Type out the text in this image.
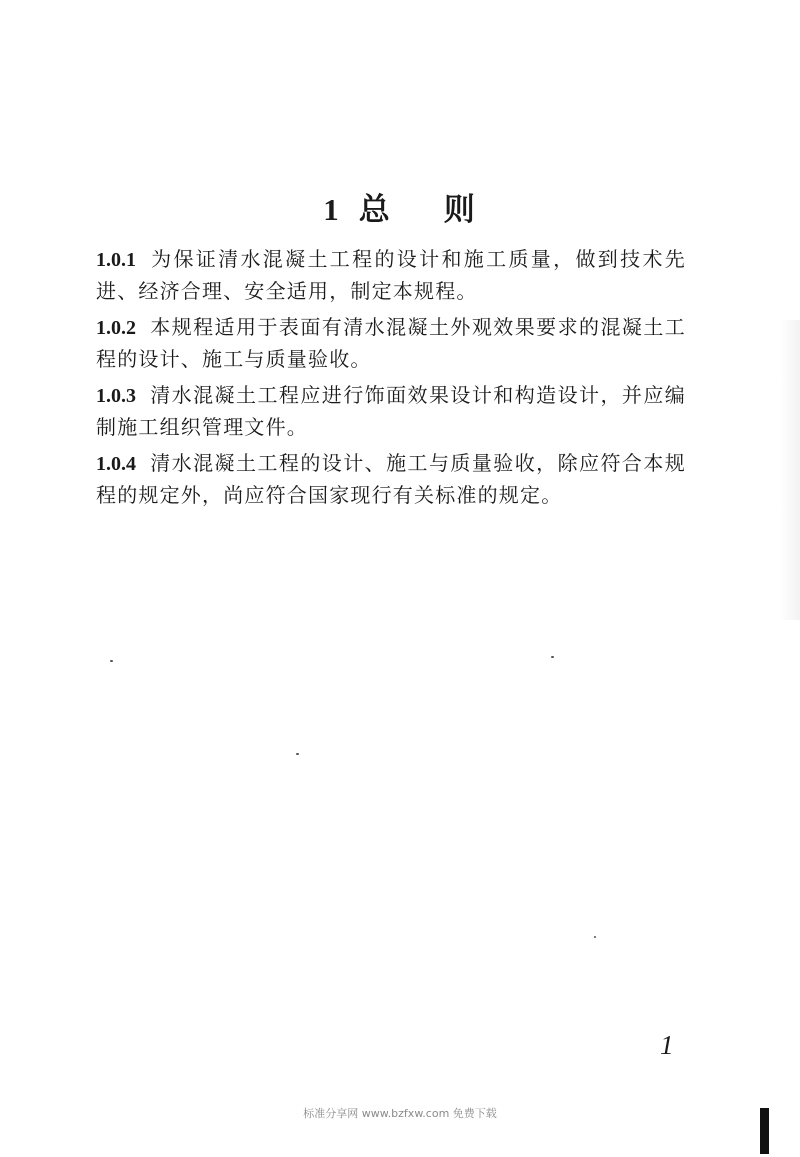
1 总 则

1.0.1 为保证清水混凝土工程的设计和施工质量，做到技术先进、经济合理、安全适用，制定本规程。

1.0.2 本规程适用于表面有清水混凝土外观效果要求的混凝土工程的设计、施工与质量验收。

1.0.3 清水混凝土工程应进行饰面效果设计和构造设计，并应编制施工组织管理文件。

1.0.4 清水混凝土工程的设计、施工与质量验收，除应符合本规程的规定外，尚应符合国家现行有关标准的规定。

1
标准分享网 www.bzfxw.com 免费下载
